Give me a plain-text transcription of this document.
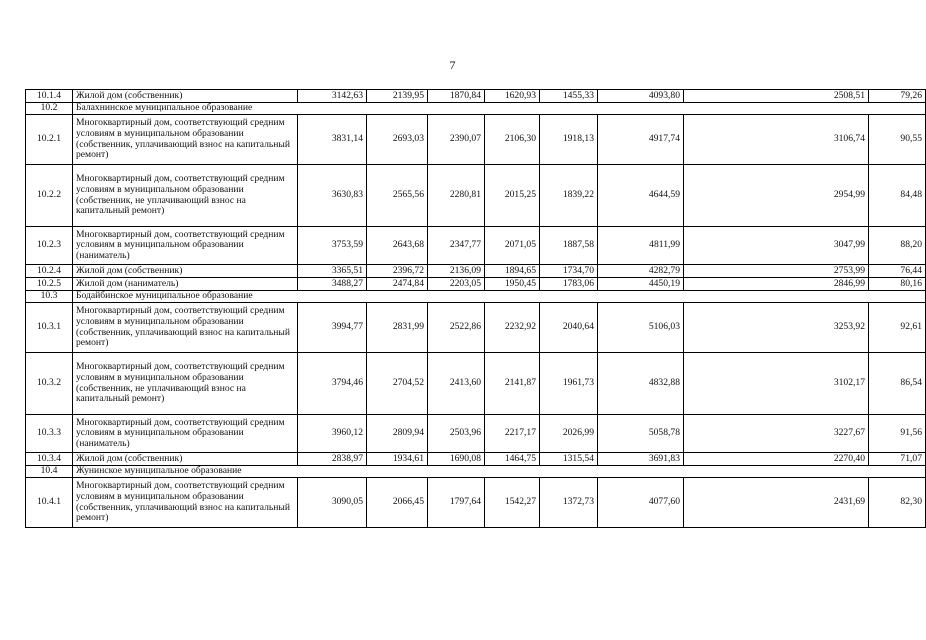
7
10.1.4	Жилой дом (собственник)	3142,63	2139,95	1870,84	1620,93	1455,33	4093,80	2508,51	79,26
10.2	Балахнинское муниципальное образование								
10.2.1	Многоквартирный дом, соответствующий средним условиям в муниципальном образовании (собственник, уплачивающий взнос на капитальный ремонт)	3831,14	2693,03	2390,07	2106,30	1918,13	4917,74	3106,74	90,55
10.2.2	Многоквартирный дом, соответствующий средним условиям в муниципальном образовании (собственник, не уплачивающий взнос на капитальный ремонт)	3630,83	2565,56	2280,81	2015,25	1839,22	4644,59	2954,99	84,48
10.2.3	Многоквартирный дом, соответствующий средним условиям в муниципальном образовании (наниматель)	3753,59	2643,68	2347,77	2071,05	1887,58	4811,99	3047,99	88,20
10.2.4	Жилой дом (собственник)	3365,51	2396,72	2136,09	1894,65	1734,70	4282,79	2753,99	76,44
10.2.5	Жилой дом (наниматель)	3488,27	2474,84	2203,05	1950,45	1783,06	4450,19	2846,99	80,16
10.3	Бодайбинское муниципальное образование								
10.3.1	Многоквартирный дом, соответствующий средним условиям в муниципальном образовании (собственник, уплачивающий взнос на капитальный ремонт)	3994,77	2831,99	2522,86	2232,92	2040,64	5106,03	3253,92	92,61
10.3.2	Многоквартирный дом, соответствующий средним условиям в муниципальном образовании (собственник, не уплачивающий взнос на капитальный ремонт)	3794,46	2704,52	2413,60	2141,87	1961,73	4832,88	3102,17	86,54
10.3.3	Многоквартирный дом, соответствующий средним условиям в муниципальном образовании (наниматель)	3960,12	2809,94	2503,96	2217,17	2026,99	5058,78	3227,67	91,56
10.3.4	Жилой дом (собственник)	2838,97	1934,61	1690,08	1464,75	1315,54	3691,83	2270,40	71,07
10.4	Жунинское муниципальное образование								
10.4.1	Многоквартирный дом, соответствующий средним условиям в муниципальном образовании (собственник, уплачивающий взнос на капитальный ремонт)	3090,05	2066,45	1797,64	1542,27	1372,73	4077,60	2431,69	82,30
